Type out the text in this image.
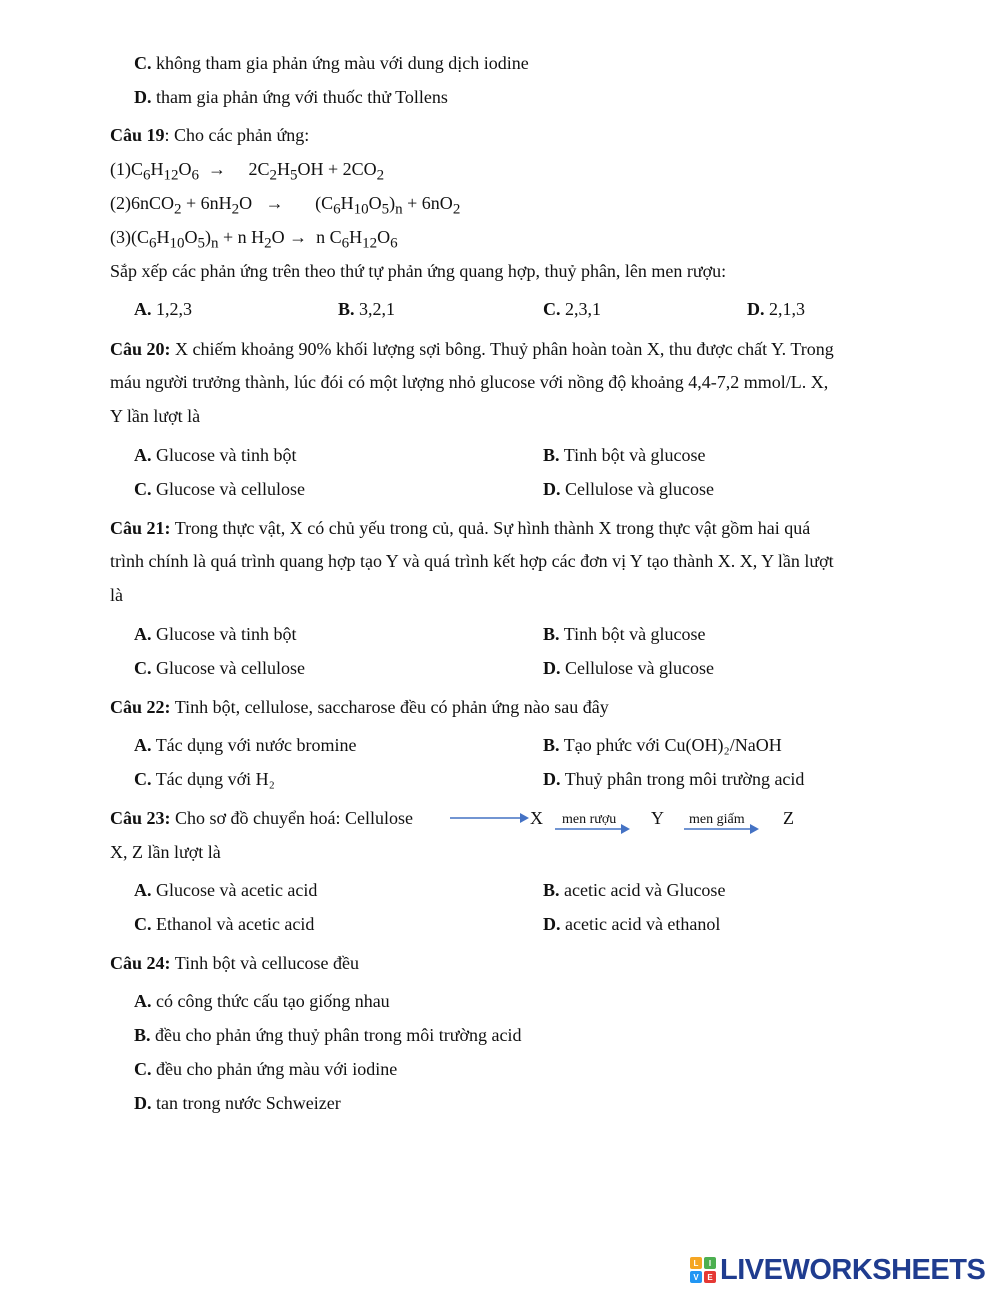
C. không tham gia phản ứng màu với dung dịch iodine
D. tham gia phản ứng với thuốc thử Tollens
Câu 19: Cho các phản ứng:
$(1)C_6H_{12}O_6$  →     $2C_2H_5OH + 2CO_2$
$(2)6nCO_2 + 6nH_2O$   →       $(C_6H_{10}O_5)_n + 6nO_2$
$(3)(C_6H_{10}O_5)_n + n$ $H_2O \to n$ $C_6H_{12}O_6$
Sắp xếp các phản ứng trên theo thứ tự phản ứng quang hợp, thuỷ phân, lên men rượu:
A. 1,2,3	B. 3,2,1	C. 2,3,1	D. 2,1,3
Câu 20: X chiếm khoảng 90% khối lượng sợi bông. Thuỷ phân hoàn toàn X, thu được chất Y. Trong
máu người trưởng thành, lúc đói có một lượng nhỏ glucose với nồng độ khoảng 4,4-7,2 mmol/L. X,
Y lần lượt là
A. Glucose và tinh bột	B. Tinh bột và glucose
C. Glucose và cellulose	D. Cellulose và glucose
Câu 21: Trong thực vật, X có chủ yếu trong củ, quả. Sự hình thành X trong thực vật gồm hai quá
trình chính là quá trình quang hợp tạo Y và quá trình kết hợp các đơn vị Y tạo thành X. X, Y lần lượt
là
A. Glucose và tinh bột	B. Tinh bột và glucose
C. Glucose và cellulose	D. Cellulose và glucose
Câu 22: Tinh bột, cellulose, saccharose đều có phản ứng nào sau đây
A. Tác dụng với nước bromine	B. Tạo phức với Cu(OH)₂/NaOH
C. Tác dụng với H₂	D. Thuỷ phân trong môi trường acid
Câu 23: Cho sơ đồ chuyển hoá: Cellulose	X men rượu Y men giấm Z
X, Z lần lượt là
A. Glucose và acetic acid	B. acetic acid và Glucose
C. Ethanol và acetic acid	D. acetic acid và ethanol
Câu 24: Tinh bột và cellucose đều
A. có công thức cấu tạo giống nhau
B. đều cho phản ứng thuỷ phân trong môi trường acid
C. đều cho phản ứng màu với iodine
D. tan trong nước Schweizer
L	I
V	E LIVEWORKSHEETS
